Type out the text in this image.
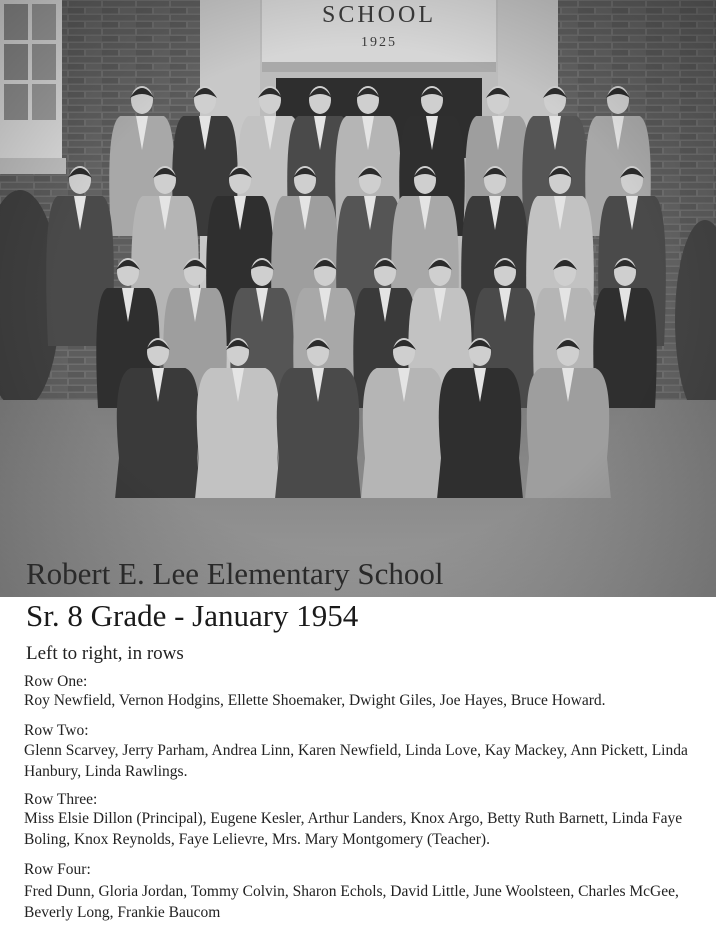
Robert E. Lee Elementary School
Sr. 8 Grade - January 1954
Left to right, in rows
Row One:
Roy Newfield, Vernon Hodgins, Ellette Shoemaker, Dwight Giles, Joe Hayes, Bruce Howard.
Row Two:
Glenn Scarvey, Jerry Parham, Andrea Linn, Karen Newfield, Linda Love, Kay Mackey, Ann Pickett, Linda Hanbury, Linda Rawlings.
Row Three:
Miss Elsie Dillon (Principal), Eugene Kesler, Arthur Landers, Knox Argo, Betty Ruth Barnett, Linda Faye Boling, Knox Reynolds, Faye Lelievre, Mrs. Mary Montgomery (Teacher).
Row Four:
Fred Dunn, Gloria Jordan, Tommy Colvin, Sharon Echols, David Little, June Woolsteen, Charles McGee, Beverly Long, Frankie Baucom
